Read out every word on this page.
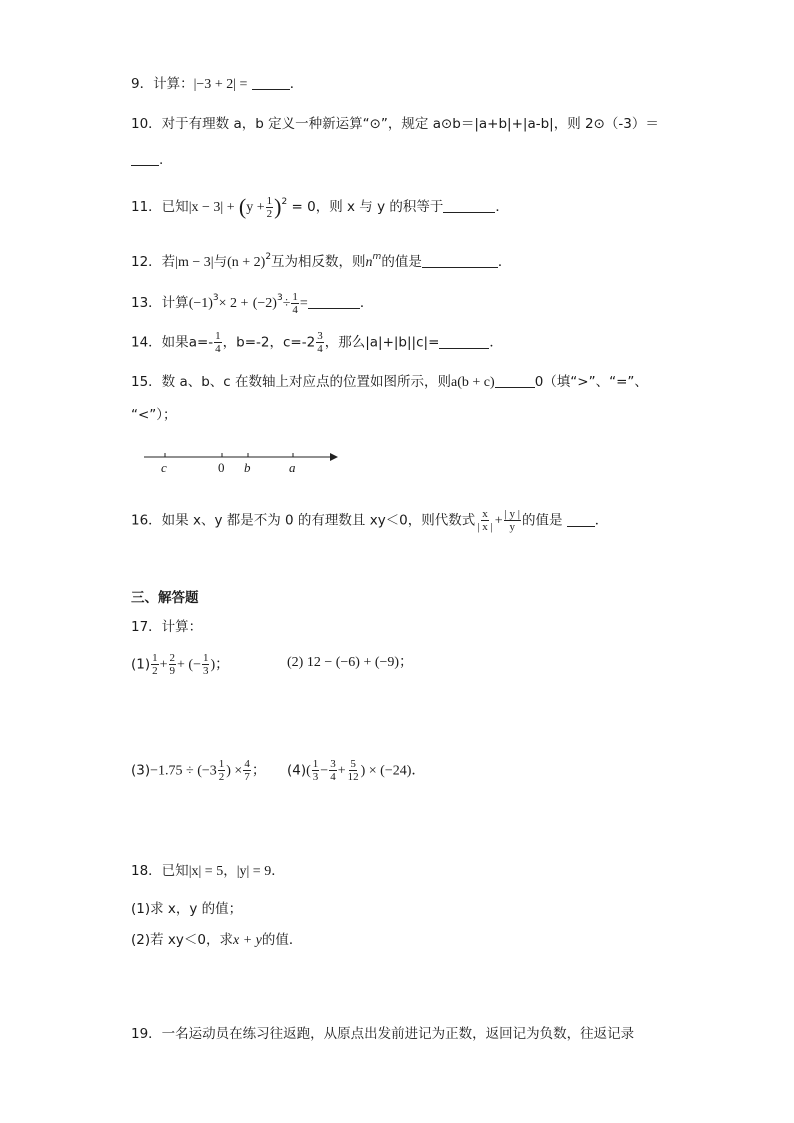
9．计算：|−3 + 2| =	．
10．对于有理数 a，b 定义一种新运算“⊙”，规定 a⊙b＝|a+b|+|a-b|，则 2⊙（-3）＝
.
11．已知$|x - 3| + (y + \frac{1}{2} )^2 = 0$，则 x 与 y 的积等于	．
12．若|m − 3|与$(n + 2)^2$互为相反数，则$n^m$的值是	．
13．计算$(-1)^3\times 2 + (-2)^3\div \frac{1}{4}$ =	．
14．如果$a=- \frac{1}{4}$ ，b=-2，$c=-2 \frac{3}{4}$ ，那么|a|+|b||c|=	．
15．数 a、b、c 在数轴上对应点的位置如图所示，则a(b + c)	0（填“>”、“=”、
“<”）；
c	0 b	a
16．如果 x、y 都是不为 0 的有理数且 xy＜0，则代数式 $\frac{x}{| x |} + \frac{| y |}{y}$ 的值是 ．
三、解答题
17．计算：
$(1) \frac{1}{2} + \frac{2}{9}$ + (− $\frac{1}{3}$ )；	(2) 12 − (−6) + (−9)；
$(3)-1.75 \div (-3 \frac{1}{2}$ ) × $\frac{4}{7}$ ； $(4)( \frac{1}{3} - \frac{3}{4} + \frac{5}{12}$ ) × (−24)．
18．已知|x| = 5，|y| = 9．
(1)求 x，y 的值；
(2)若 xy＜0，求x + y的值．
19．一名运动员在练习往返跑，从原点出发前进记为正数，返回记为负数，往返记录
